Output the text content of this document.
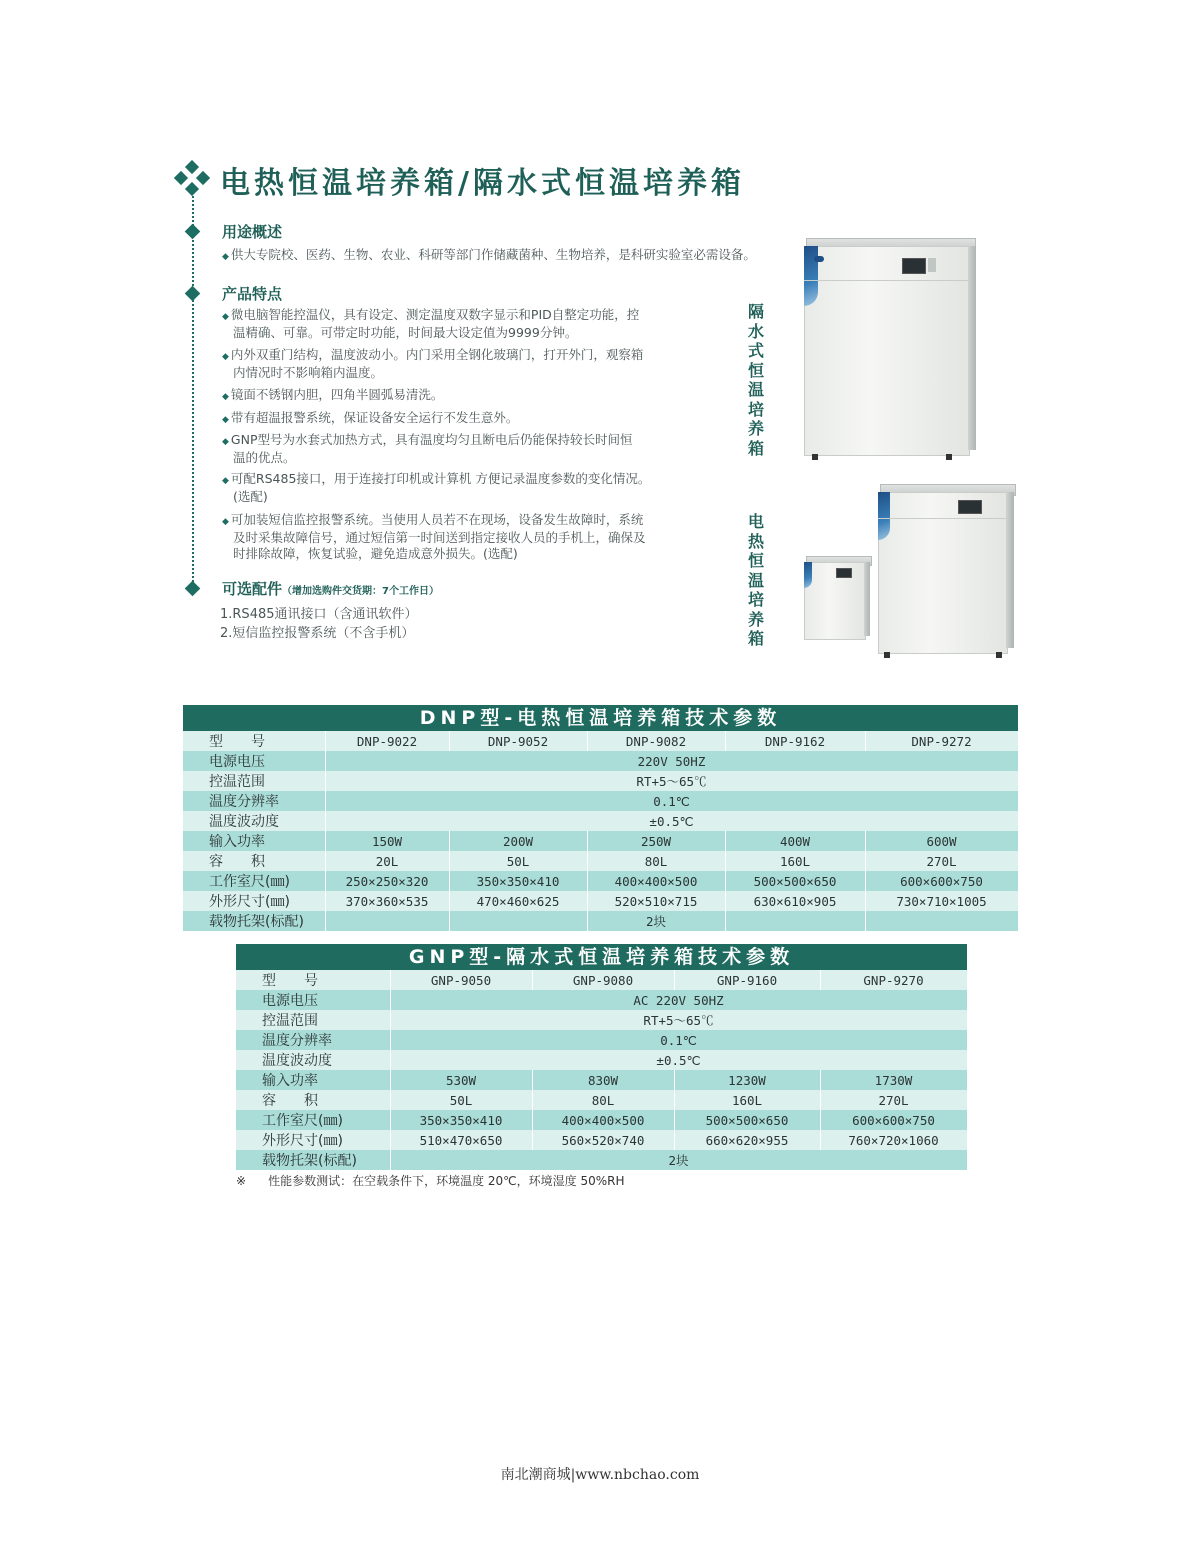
电热恒温培养箱/隔水式恒温培养箱
用途概述
◆ 供大专院校、医药、生物、农业、科研等部门作储藏菌种、生物培养，是科研实验室必需设备。
产品特点
◆ 微电脑智能控温仪，具有设定、测定温度双数字显示和PID自整定功能，控
温精确、可靠。可带定时功能，时间最大设定值为9999分钟。
◆ 内外双重门结构，温度波动小。内门采用全钢化玻璃门，打开外门，观察箱
内情况时不影响箱内温度。
◆ 镜面不锈钢内胆，四角半圆弧易清洗。
◆ 带有超温报警系统，保证设备安全运行不发生意外。
◆ GNP型号为水套式加热方式，具有温度均匀且断电后仍能保持较长时间恒
温的优点。
◆ 可配RS485接口，用于连接打印机或计算机 方便记录温度参数的变化情况。
(选配)
◆ 可加装短信监控报警系统。当使用人员若不在现场，设备发生故障时，系统
及时采集故障信号，通过短信第一时间送到指定接收人员的手机上，确保及
时排除故障，恢复试验，避免造成意外损失。(选配)
可选配件（增加选购件交货期：7个工作日）
1.RS485通讯接口（含通讯软件）
2.短信监控报警系统（不含手机）
隔水式恒温培养箱
电热恒温培养箱
DNP型-电热恒温培养箱技术参数
型　　号	DNP-9022	DNP-9052	DNP-9082	DNP-9162	DNP-9272
电源电压	220V 50HZ				
控温范围	RT+5～65℃				
温度分辨率	0.1℃				
温度波动度	±0.5℃				
输入功率	150W	200W	250W	400W	600W
容　　积	20L	50L	80L	160L	270L
工作室尺(㎜)	250×250×320	350×350×410	400×400×500	500×500×650	600×600×750
外形尺寸(㎜)	370×360×535	470×460×625	520×510×715	630×610×905	730×710×1005
载物托架(标配)			2块		
GNP型-隔水式恒温培养箱技术参数
型　　号	GNP-9050	GNP-9080	GNP-9160	GNP-9270
电源电压	AC 220V 50HZ			
控温范围	RT+5～65℃			
温度分辨率	0.1℃			
温度波动度	±0.5℃			
输入功率	530W	830W	1230W	1730W
容　　积	50L	80L	160L	270L
工作室尺(㎜)	350×350×410	400×400×500	500×500×650	600×600×750
外形尺寸(㎜)	510×470×650	560×520×740	660×620×955	760×720×1060
载物托架(标配)	2块			
※ 性能参数测试：在空载条件下，环境温度 20℃，环境湿度 50%RH
南北潮商城|www.nbchao.com
